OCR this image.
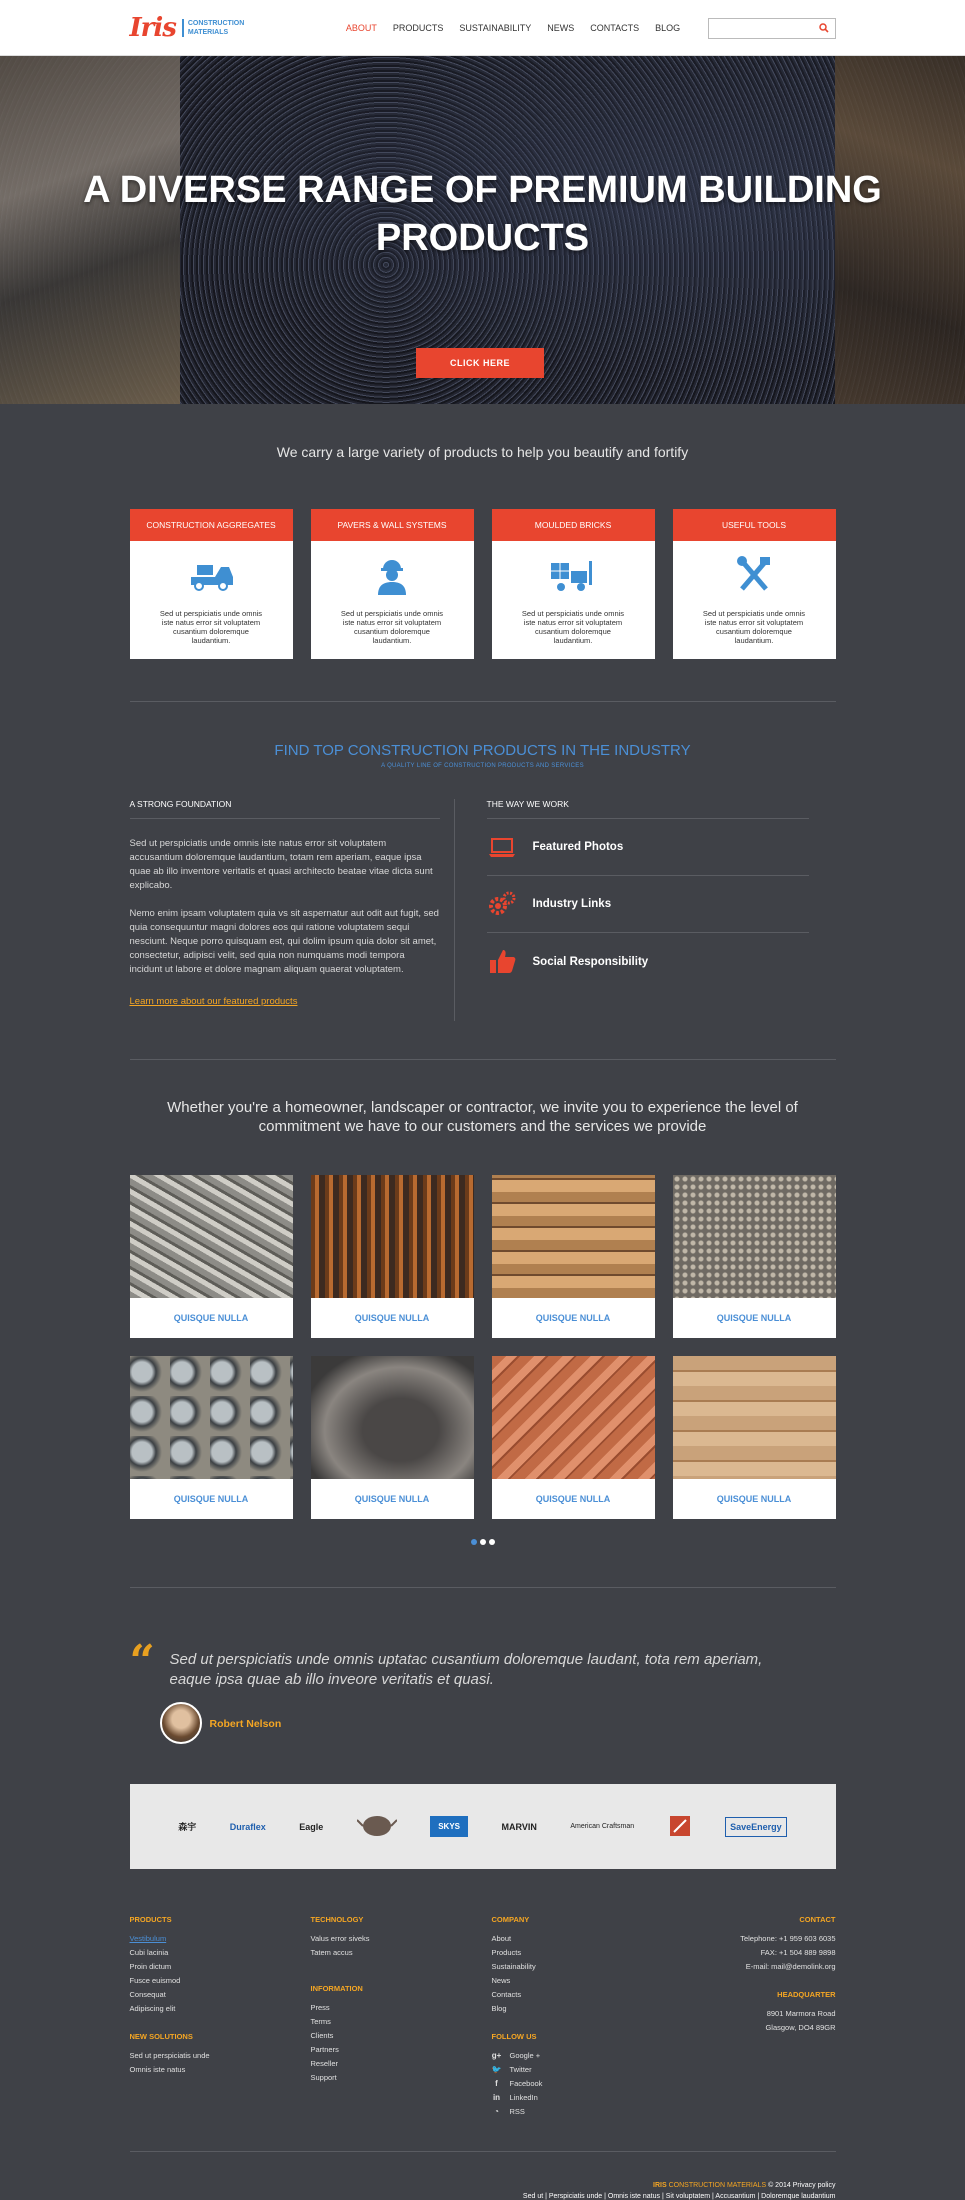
Iris	CONSTRUCTION MATERIALS	ABOUT PRODUCTS SUSTAINABILITY NEWS CONTACTS BLOG
A DIVERSE RANGE OF PREMIUM BUILDING PRODUCTS
CLICK HERE
We carry a large variety of products to help you beautify and fortify
CONSTRUCTION AGGREGATES
Sed ut perspiciatis unde omnis iste natus error sit voluptatem cusantium doloremque laudantium.
PAVERS & WALL SYSTEMS
Sed ut perspiciatis unde omnis iste natus error sit voluptatem cusantium doloremque laudantium.
MOULDED BRICKS
Sed ut perspiciatis unde omnis iste natus error sit voluptatem cusantium doloremque laudantium.
USEFUL TOOLS
Sed ut perspiciatis unde omnis iste natus error sit voluptatem cusantium doloremque laudantium.
FIND TOP CONSTRUCTION PRODUCTS IN THE INDUSTRY
A QUALITY LINE OF CONSTRUCTION PRODUCTS AND SERVICES
A STRONG FOUNDATION

Sed ut perspiciatis unde omnis iste natus error sit voluptatem accusantium doloremque laudantium, totam rem aperiam, eaque ipsa quae ab illo inventore veritatis et quasi architecto beatae vitae dicta sunt explicabo.

Nemo enim ipsam voluptatem quia vs sit aspernatur aut odit aut fugit, sed quia consequuntur magni dolores eos qui ratione voluptatem sequi nesciunt. Neque porro quisquam est, qui dolim ipsum quia dolor sit amet, consectetur, adipisci velit, sed quia non numquams modi tempora incidunt ut labore et dolore magnam aliquam quaerat voluptatem.

Learn more about our featured products
THE WAY WE WORK
Featured Photos
Industry Links
Social Responsibility
Whether you're a homeowner, landscaper or contractor, we invite you to experience the level of commitment we have to our customers and the services we provide
QUISQUE NULLA	QUISQUE NULLA	QUISQUE NULLA	QUISQUE NULLA
QUISQUE NULLA	QUISQUE NULLA	QUISQUE NULLA	QUISQUE NULLA
“ Sed ut perspiciatis unde omnis uptatac cusantium doloremque laudant, tota rem aperiam, eaque ipsa quae ab illo inveore veritatis et quasi.
Robert Nelson
森宇	Duraflex	Eagle	SKYS	MARVIN	American Craftsman	SaveEnergy
PRODUCTS
Vestibulum
Cubi lacinia
Proin dictum
Fusce euismod
Consequat
Adipiscing elit
NEW SOLUTIONS
Sed ut perspiciatis unde
Omnis iste natus
TECHNOLOGY
Valus error siveks
Tatem accus
INFORMATION
Press
Terms
Clients
Partners
Reseller
Support
COMPANY
About
Products
Sustainability
News
Contacts
Blog
FOLLOW US
g+ Google +
🐦 Twitter
f	Facebook
in LinkedIn
◔	RSS
CONTACT
Telephone: +1 959 603 6035
FAX: +1 504 889 9898
E-mail: mail@demolink.org
HEADQUARTER
8901 Marmora Road
Glasgow, DO4 89GR
IRIS CONSTRUCTION MATERIALS © 2014 Privacy policy
Sed ut | Perspiciatis unde | Omnis iste natus | Sit voluptatem | Accusantium | Doloremque laudantium
